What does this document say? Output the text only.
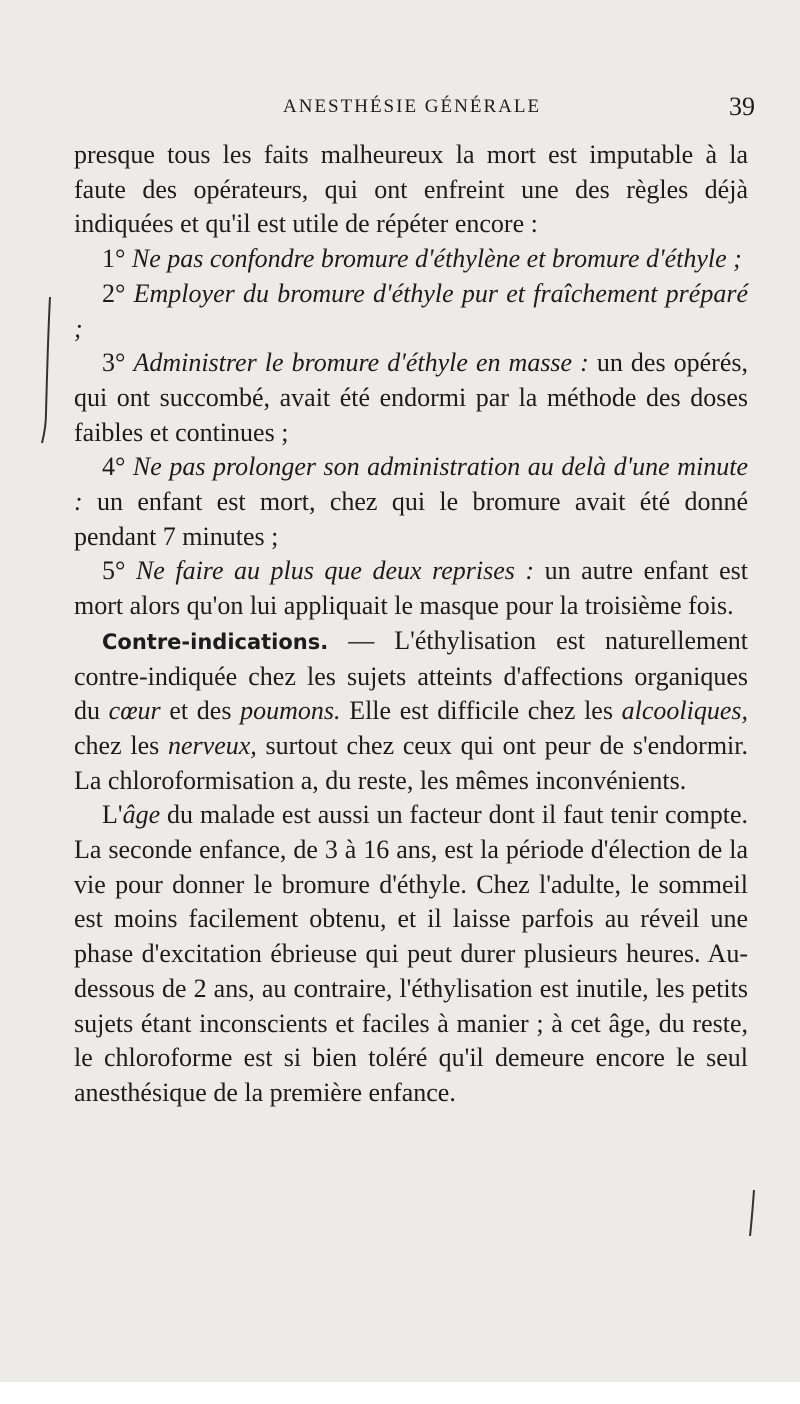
ANESTHÉSIE GÉNÉRALE	39

presque tous les faits malheureux la mort est imputable à la faute des opérateurs, qui ont enfreint une des règles déjà indiquées et qu'il est utile de répéter encore :

1° Ne pas confondre bromure d'éthylène et bromure d'éthyle ;

2° Employer du bromure d'éthyle pur et fraîchement préparé ;

3° Administrer le bromure d'éthyle en masse : un des opérés, qui ont succombé, avait été endormi par la méthode des doses faibles et continues ;

4° Ne pas prolonger son administration au delà d'une minute : un enfant est mort, chez qui le bromure avait été donné pendant 7 minutes ;

5° Ne faire au plus que deux reprises : un autre enfant est mort alors qu'on lui appliquait le masque pour la troisième fois.

Contre-indications. — L'éthylisation est naturellement contre-indiquée chez les sujets atteints d'affections organiques du cœur et des poumons. Elle est difficile chez les alcooliques, chez les nerveux, surtout chez ceux qui ont peur de s'endormir. La chloroformisation a, du reste, les mêmes inconvénients.

L'âge du malade est aussi un facteur dont il faut tenir compte. La seconde enfance, de 3 à 16 ans, est la période d'élection de la vie pour donner le bromure d'éthyle. Chez l'adulte, le sommeil est moins facilement obtenu, et il laisse parfois au réveil une phase d'excitation ébrieuse qui peut durer plusieurs heures. Au-dessous de 2 ans, au contraire, l'éthylisation est inutile, les petits sujets étant inconscients et faciles à manier ; à cet âge, du reste, le chloroforme est si bien toléré qu'il demeure encore le seul anesthésique de la première enfance.
